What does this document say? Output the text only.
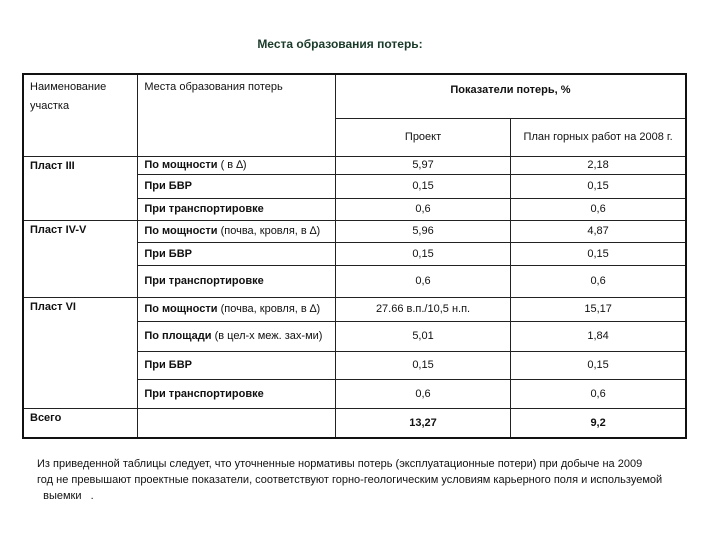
Места образования потерь:
Наименование участка	Места образования потерь	Показатели потерь, %	
		Проект	План горных работ на 2008 г.
Пласт III	По мощности ( в ∆)	5,97	2,18
	При БВР	0,15	0,15
	При транспортировке	0,6	0,6
Пласт IV-V	По мощности (почва, кровля, в ∆)	5,96	4,87
	При БВР	0,15	0,15
	При транспортировке	0,6	0,6
Пласт VI	По мощности (почва, кровля, в ∆)	27.66 в.п./10,5 н.п.	15,17
	По площади (в цел-х меж. зах-ми)	5,01	1,84
	При БВР	0,15	0,15
	При транспортировке	0,6	0,6
Всего		13,27	9,2
Из приведенной таблицы следует, что уточненные нормативы потерь (эксплуатационные потери) при добыче на 2009
год не превышают проектные показатели, соответствуют горно-геологическим условиям карьерного поля и используемой
выемки   .
